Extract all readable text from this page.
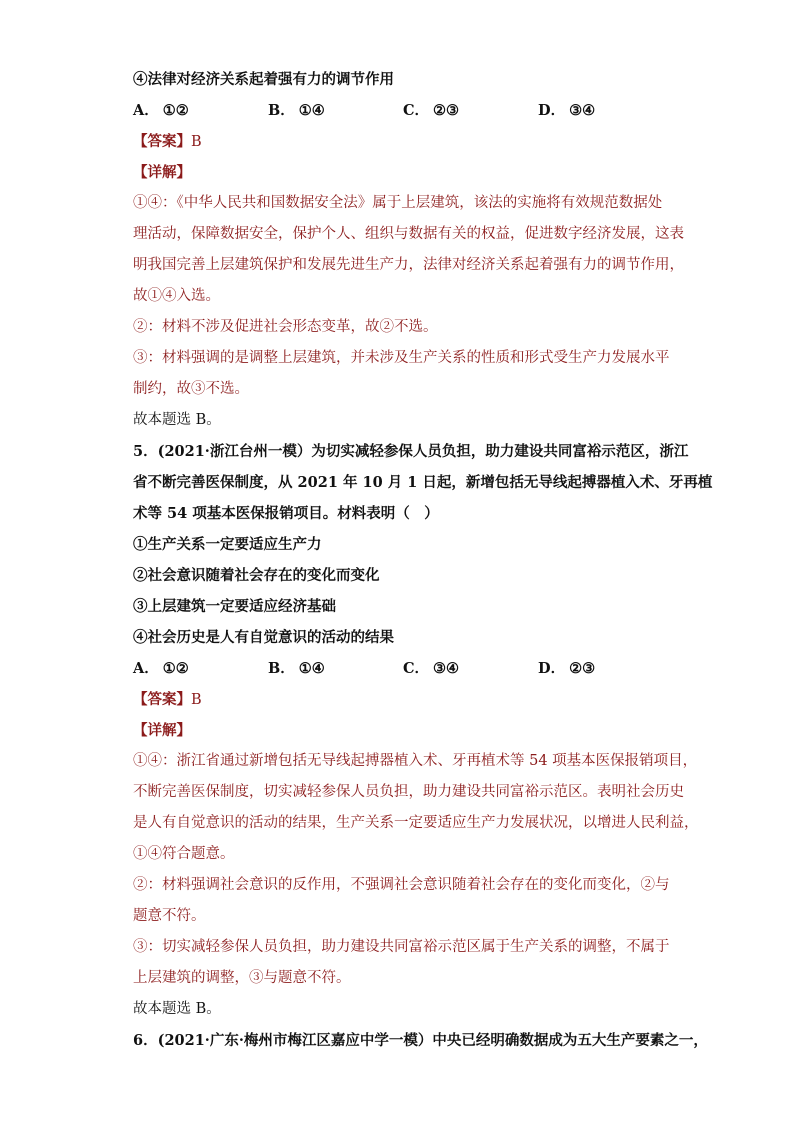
④法律对经济关系起着强有力的调节作用
A． ①②	B． ①④	C． ②③	D． ③④
【答案】B
【详解】
①④：《中华人民共和国数据安全法》属于上层建筑，该法的实施将有效规范数据处
理活动，保障数据安全，保护个人、组织与数据有关的权益，促进数字经济发展，这表
明我国完善上层建筑保护和发展先进生产力，法律对经济关系起着强有力的调节作用，
故①④入选。
②：材料不涉及促进社会形态变革，故②不选。
③：材料强调的是调整上层建筑，并未涉及生产关系的性质和形式受生产力发展水平
制约，故③不选。
故本题选 B。
5．(2021·浙江台州一模）为切实减轻参保人员负担，助力建设共同富裕示范区，浙江
省不断完善医保制度，从 2021 年 10 月 1 日起，新增包括无导线起搏器植入术、牙再植
术等 54 项基本医保报销项目。材料表明（　）
①生产关系一定要适应生产力
②社会意识随着社会存在的变化而变化
③上层建筑一定要适应经济基础
④社会历史是人有自觉意识的活动的结果
A． ①②	B． ①④	C． ③④	D． ②③
【答案】B
【详解】
①④：浙江省通过新增包括无导线起搏器植入术、牙再植术等 54 项基本医保报销项目，
不断完善医保制度，切实减轻参保人员负担，助力建设共同富裕示范区。表明社会历史
是人有自觉意识的活动的结果，生产关系一定要适应生产力发展状况，以增进人民利益，
①④符合题意。
②：材料强调社会意识的反作用，不强调社会意识随着社会存在的变化而变化，②与
题意不符。
③：切实减轻参保人员负担，助力建设共同富裕示范区属于生产关系的调整，不属于
上层建筑的调整，③与题意不符。
故本题选 B。
6．(2021·广东·梅州市梅江区嘉应中学一模）中央已经明确数据成为五大生产要素之一，
